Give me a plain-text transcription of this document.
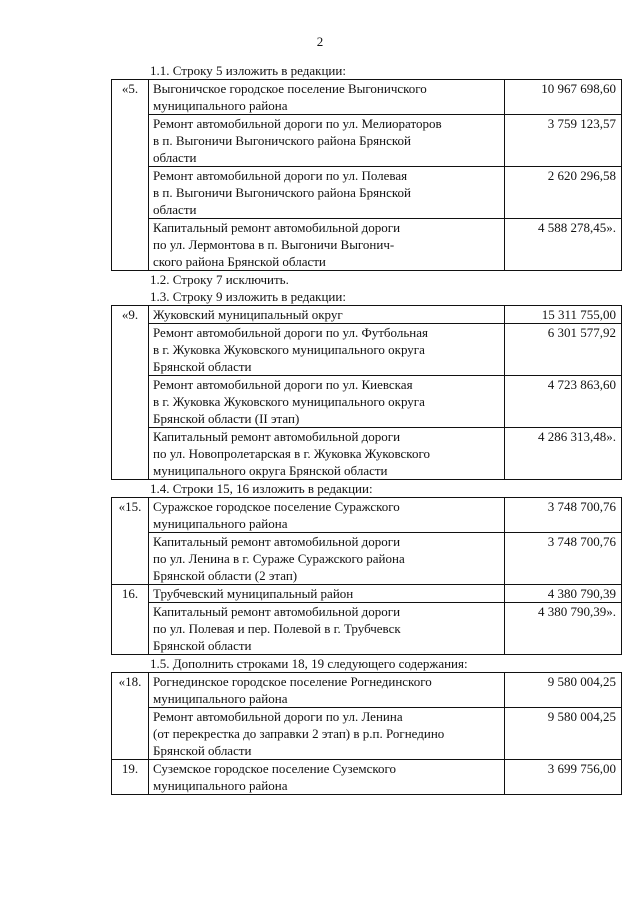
2
1.1. Строку 5 изложить в редакции:
«5.	Выгоничское городское поселение Выгоничского
муниципального района	10 967 698,60

	Ремонт автомобильной дороги по ул. Мелиораторов
в п. Выгоничи Выгоничского района Брянской
области	3 759 123,57

	Ремонт автомобильной дороги по ул. Полевая
в п. Выгоничи Выгоничского района Брянской
области	2 620 296,58

	Капитальный ремонт автомобильной дороги
по ул. Лермонтова в п. Выгоничи Выгонич-
ского района Брянской области	4 588 278,45».
1.2. Строку 7 исключить.
1.3. Строку 9 изложить в редакции:
«9.	Жуковский муниципальный округ	15 311 755,00

	Ремонт автомобильной дороги по ул. Футбольная
в г. Жуковка Жуковского муниципального округа
Брянской области	6 301 577,92

	Ремонт автомобильной дороги по ул. Киевская
в г. Жуковка Жуковского муниципального округа
Брянской области (II этап)	4 723 863,60

	Капитальный ремонт автомобильной дороги
по ул. Новопролетарская в г. Жуковка Жуковского
муниципального округа Брянской области	4 286 313,48».
1.4. Строки 15, 16 изложить в редакции:
«15.	Суражское городское поселение Суражского
муниципального района	3 748 700,76

	Капитальный ремонт автомобильной дороги
по ул. Ленина в г. Сураже Суражского района
Брянской области (2 этап)	3 748 700,76
16.	Трубчевский муниципальный район	4 380 790,39

	Капитальный ремонт автомобильной дороги
по ул. Полевая и пер. Полевой в г. Трубчевск
Брянской области	4 380 790,39».
1.5. Дополнить строками 18, 19 следующего содержания:
«18.	Рогнединское городское поселение Рогнединского
муниципального района	9 580 004,25

	Ремонт автомобильной дороги по ул. Ленина
(от перекрестка до заправки 2 этап) в р.п. Рогнедино
Брянской области	9 580 004,25
19.	Суземское городское поселение Суземского
муниципального района	3 699 756,00
